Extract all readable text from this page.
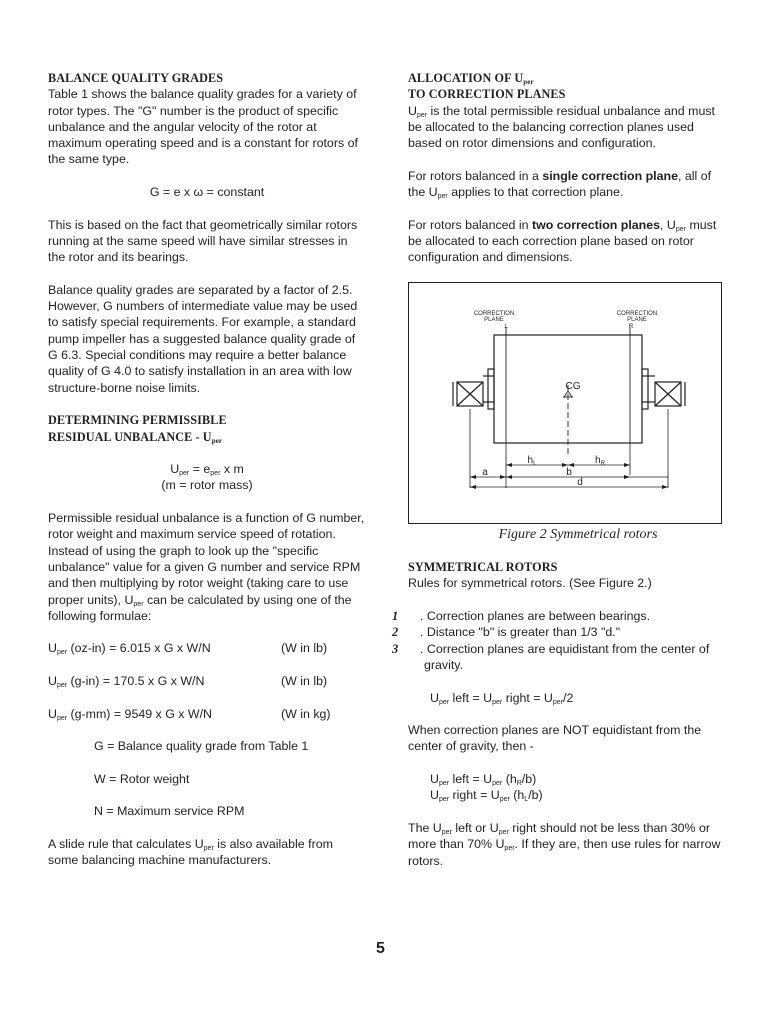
BALANCE QUALITY GRADES

Table 1 shows the balance quality grades for a variety of rotor types. The "G" number is the product of specific unbalance and the angular velocity of the rotor at maximum operating speed and is a constant for rotors of the same type.

G = e x ω = constant

This is based on the fact that geometrically similar rotors running at the same speed will have similar stresses in the rotor and its bearings.

Balance quality grades are separated by a factor of 2.5. However, G numbers of intermediate value may be used to satisfy special requirements. For example, a standard pump impeller has a suggested balance quality grade of G 6.3. Special conditions may require a better balance quality of G 4.0 to satisfy installation in an area with low structure-borne noise limits.

DETERMINING PERMISSIBLE

RESIDUAL UNBALANCE - $U_{per}$

$U_{per} = e_{per}$ x m

(m = rotor mass)

Permissible residual unbalance is a function of G number, rotor weight and maximum service speed of rotation. Instead of using the graph to look up the "specific unbalance" value for a given G number and service RPM and then multiplying by rotor weight (taking care to use proper units), $U_{per}$ can be calculated by using one of the following formulae:

$U_{per}$ (oz-in) = 6.015 x G x W/N	(W in lb)
$U_{per}$ (g-in) = 170.5 x G x W/N	(W in lb)
$U_{per}$ (g-mm) = 9549 x G x W/N	(W in kg)

G = Balance quality grade from Table 1

W = Rotor weight

N = Maximum service RPM

A slide rule that calculates $U_{per}$ is also available from some balancing machine manufacturers.

ALLOCATION OF $U_{per}$

TO CORRECTION PLANES

$U_{per}$ is the total permissible residual unbalance and must be allocated to the balancing correction planes used based on rotor dimensions and configuration.

For rotors balanced in a single correction plane, all of the $U_{per}$ applies to that correction plane.

For rotors balanced in two correction planes, $U_{per}$ must be allocated to each correction plane based on rotor configuration and dimensions.

CORRECTION
PLANE
L
CORRECTION
PLANE
R
CG
$h_L$	$h_R$
a	b
d

Figure 2 Symmetrical rotors

SYMMETRICAL ROTORS

Rules for symmetrical rotors. (See Figure 2.)

1 . Correction planes are between bearings.

2 . Distance "b" is greater than 1/3 "d."

3 . Correction planes are equidistant from the center of gravity.

$U_{per}$ left = $U_{per}$ right = $U_{per}/2$

When correction planes are NOT equidistant from the center of gravity, then -

$U_{per}$ left = $U_{per}$ $(h_R/b)$

$U_{per}$ right = $U_{per}$ $(h_L/b)$

The $U_{per}$ left or $U_{per}$ right should not be less than 30% or more than 70% $U_{per}$. If they are, then use rules for narrow rotors.

5
